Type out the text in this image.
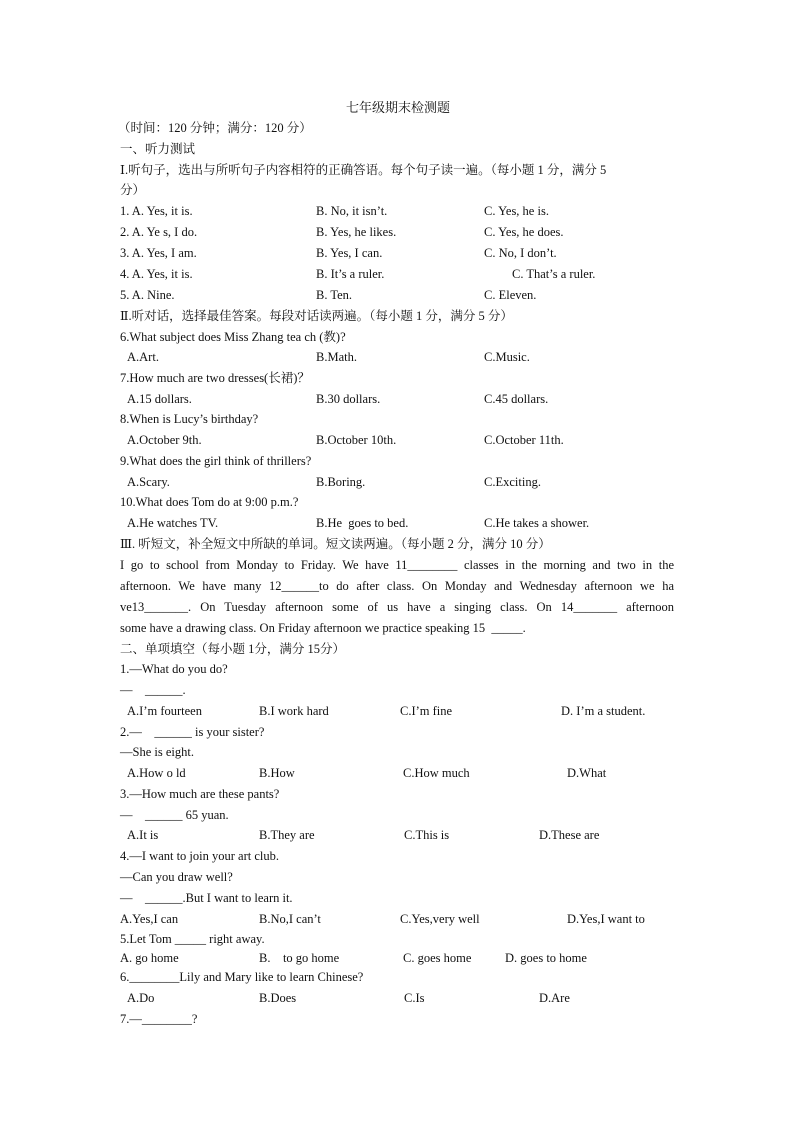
七年级期末检测题
（时间：120 分钟；满分：120 分）
一、听力测试
Ⅰ.听句子，选出与所听句子内容相符的正确答语。每个句子读一遍。（每小题 1 分，满分 5
分）
1. A. Yes, it is.	B. No, it isn’t.	C. Yes, he is.
2. A. Ye s, I do.	B. Yes, he likes.	C. Yes, he does.
3. A. Yes, I am.	B. Yes, I can.	C. No, I don’t.
4. A. Yes, it is.	B. It’s a ruler.	C. That’s a ruler.
5. A. Nine.	B. Ten.	C. Eleven.
Ⅱ.听对话，选择最佳答案。每段对话读两遍。（每小题 1 分，满分 5 分）
6.What subject does Miss Zhang tea ch (教)?
A.Art.	B.Math.	C.Music.
7.How much are two dresses(长裙)？
A.15 dollars.	B.30 dollars.	C.45 dollars.
8.When is Lucy’s birthday?
A.October 9th.	B.October 10th.	C.October 11th.
9.What does the girl think of thrillers?
A.Scary.	B.Boring.	C.Exciting.
10.What does Tom do at 9:00 p.m.?
A.He watches TV.	B.He  goes to bed.	C.He takes a shower.
Ⅲ. 听短文，补全短文中所缺的单词。短文读两遍。（每小题 2 分，满分 10 分）
I go to school from Monday to Friday. We have 11________ classes in the morning and two in the
afternoon. We have many 12______to do after class. On Monday and Wednesday afternoon we ha
ve13_______. On Tuesday afternoon some of us have a singing class. On 14_______ afternoon
some have a drawing class. On Friday afternoon we practice speaking 15  _____.
二、单项填空（每小题 1分，满分 15分）
1.—What do you do?
—    ______.
A.I’m fourteen	B.I work hard	C.I’m fine	D. I’m a student.
2.—    ______ is your sister?
—She is eight.
A.How o ld	B.How	C.How much	D.What
3.—How much are these pants?
—    ______ 65 yuan.
A.It is	B.They are	C.This is	D.These are
4.—I want to join your art club.
—Can you draw well?
—    ______.But I want to learn it.
A.Yes,I can	B.No,I can’t	C.Yes,very well	D.Yes,I want to
5.Let Tom _____ right away.
A. go home	B.    to go home	C. goes home	D. goes to home
6.________Lily and Mary like to learn Chinese?
A.Do	B.Does	C.Is	D.Are
7.—________?
